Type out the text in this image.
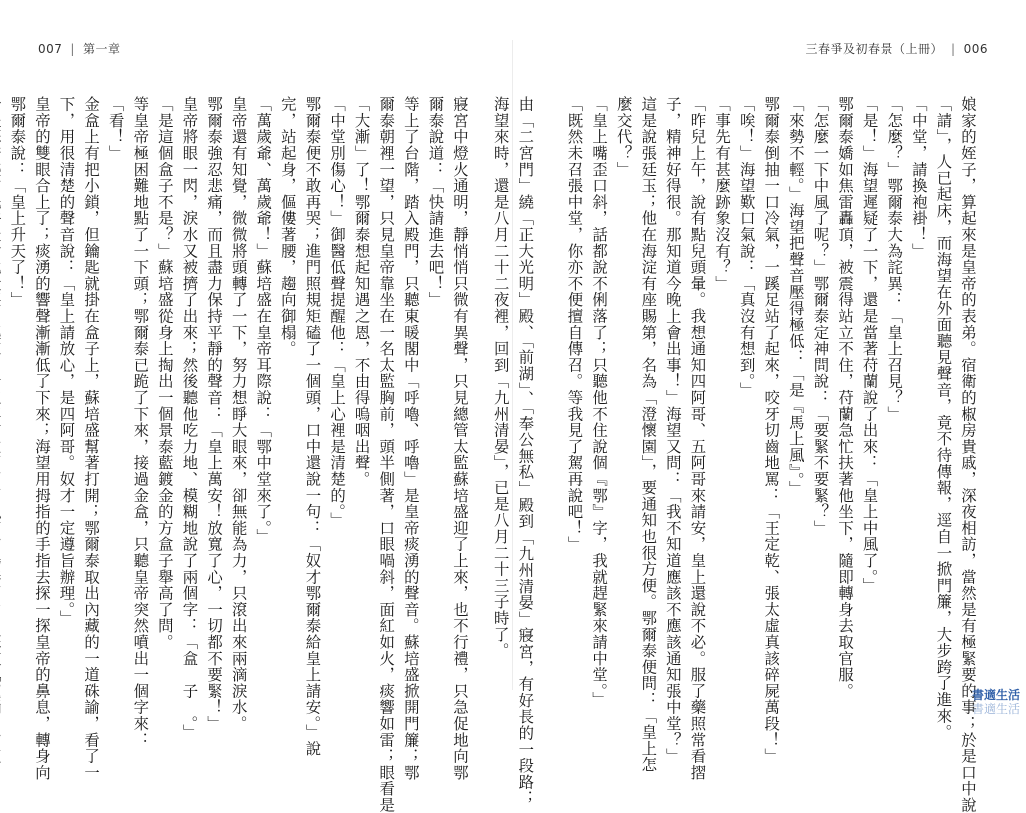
007 | 第一章
寢宮中燈火通明，靜悄悄只微有異聲，只見總管太監蘇培盛迎了上來，也不行禮，只急促地向鄂
爾泰說道：「快請進去吧！」
等上了台階，踏入殿門，只聽東暖閣中「呼嚕、呼嚕」是皇帝痰湧的聲音。蘇培盛掀開門簾；鄂
爾泰朝裡一望，只見皇帝靠坐在一名太監胸前，頭半側著，口眼喎斜，面紅如火，痰響如雷；眼看是
「大漸」了！鄂爾泰想起知遇之恩，不由得嗚咽出聲。
「中堂別傷心！」御醫低聲提醒他：「皇上心裡是清楚的。」
鄂爾泰便不敢再哭；進門照規矩磕了一個頭，口中還說一句：「奴才鄂爾泰給皇上請安。」說
完，站起身，傴僂著腰，趨向御榻。
「萬歲爺、萬歲爺！」蘇培盛在皇帝耳際說：「鄂中堂來了。」
皇帝還有知覺，微微將頭轉了一下，努力想睜大眼來，卻無能為力，只滾出來兩滴淚水。
鄂爾泰強忍悲痛，而且盡力保持平靜的聲音：「皇上萬安！放寬了心，一切都不要緊！」
皇帝將眼一閃，淚水又被擠了出來；然後聽他吃力地、模糊地說了兩個字：「盒　子　。」
「是這個盒子不是？」蘇培盛從身上掏出一個景泰藍鍍金的方盒子舉高了問。
等皇帝極困難地點了一下頭；鄂爾泰已跪了下來，接過金盒，只聽皇帝突然噴出一個字來：
「看！」
金盒上有把小鎖，但鑰匙就掛在盒子上，蘇培盛幫著打開；鄂爾泰取出內藏的一道硃諭，看了一
下，用很清楚的聲音說：「皇上請放心，是四阿哥。奴才一定遵旨辦理。」
皇帝的雙眼合上了；痰湧的響聲漸漸低了下來；海望用拇指的手指去探一探皇帝的鼻息，轉身向
鄂爾泰說：「皇上升天了！」
三春爭及初春景（上冊） | 006
娘家的姪子，算起來是皇帝的表弟。宿衛的椒房貴戚，深夜相訪，當然是有極緊要的事；於是口中說
「請」，人已起床，而海望在外面聽見聲音，竟不待傳報，逕自一掀門簾，大步跨了進來。
「中堂，請換袍褂！」
「怎麼？」鄂爾泰大為詫異：「皇上召見？」
「是！」海望遲疑了一下，還是當著苻蘭說了出來：「皇上中風了。」
鄂爾泰嬌如焦雷轟頂，被震得站立不住，苻蘭急忙扶著他坐下，隨即轉身去取官服。
「怎麼一下中風了呢？」鄂爾泰定神問說：「要緊不要緊？」
「來勢不輕。」海望把聲音壓得極低：「是『馬上風』。」
鄂爾泰倒抽一口冷氣，一蹊足站了起來，咬牙切齒地罵：「王定乾、張太虛真該碎屍萬段！」
「唉！」海望歎口氣說：「真沒有想到。」
「事先有甚麼跡象沒有？」
「昨兒上午，說有點兒頭暈。我想通知四阿哥、五阿哥來請安，皇上還說不必。服了藥照常看摺
子，精神好得很。那知道今晚上會出事！」海望又問：「我不知道應該不應該通知張中堂？」
這是說張廷玉；他在海淀有座賜第，名為「澄懷園」，要通知也很方便。鄂爾泰便問：「皇上怎
麼交代？」
「皇上嘴歪口斜，話都說不俐落了；只聽他不住說個『鄂』字，我就趕緊來請中堂。」
「既然未召張中堂，你亦不便擅自傳召。等我見了駕再說吧！」

由「二宮門」繞「正大光明」殿、「前湖」、「奉公無私」殿到「九州清晏」寢宮，有好長的一段路；
海望來時，還是八月二十二夜裡，回到「九州清晏」，已是八月二十三子時了。
書適生活
書適生活
